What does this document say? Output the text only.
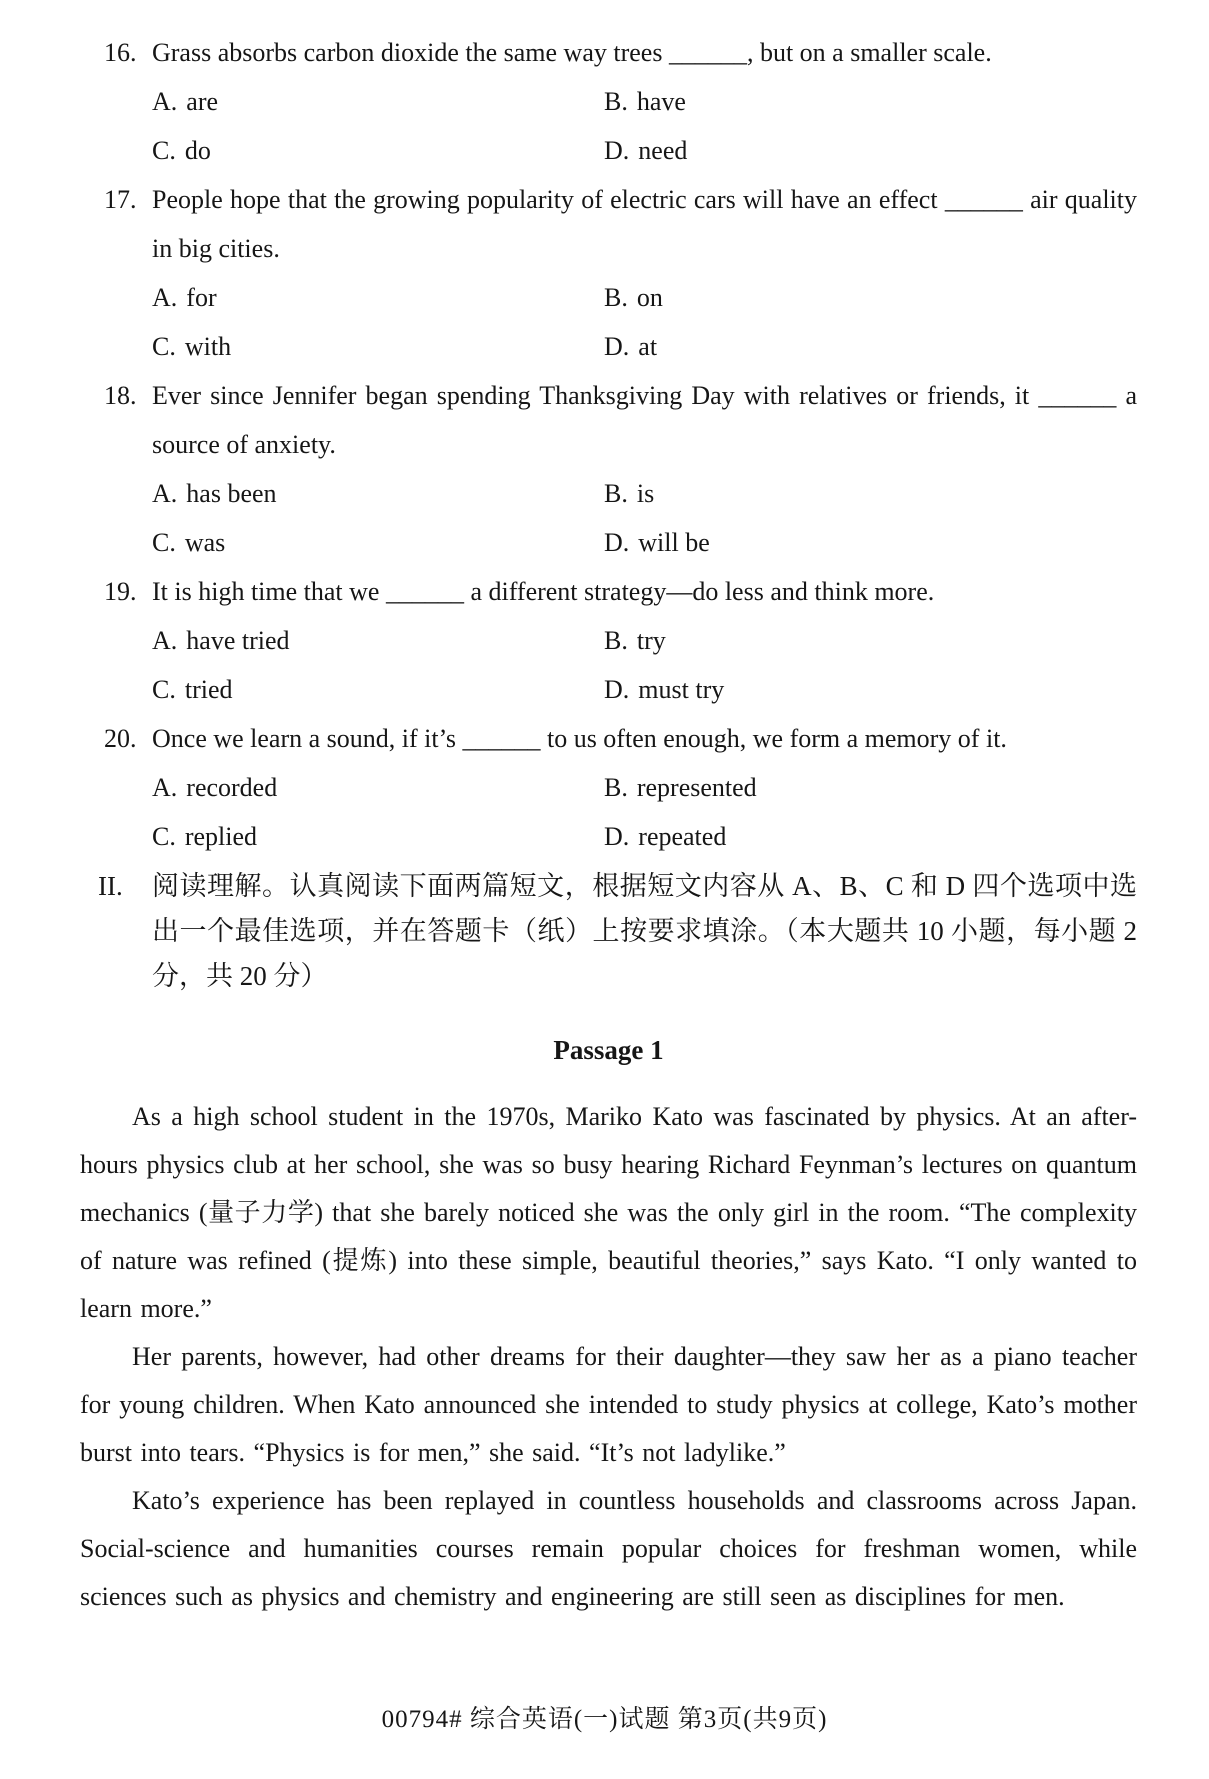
16. Grass absorbs carbon dioxide the same way trees ______, but on a smaller scale.
A. are	B. have
C. do	D. need
17. People hope that the growing popularity of electric cars will have an effect ______ air quality in big cities.
A. for	B. on
C. with	D. at
18. Ever since Jennifer began spending Thanksgiving Day with relatives or friends, it ______ a source of anxiety.
A. has been	B. is
C. was	D. will be
19. It is high time that we ______ a different strategy—do less and think more.
A. have tried	B. try
C. tried	D. must try
20. Once we learn a sound, if it’s ______ to us often enough, we form a memory of it.
A. recorded	B. represented
C. replied	D. repeated
II.	阅读理解。认真阅读下面两篇短文，根据短文内容从 A、B、C 和 D 四个选项中选出一个最佳选项，并在答题卡（纸）上按要求填涂。（本大题共 10 小题，每小题 2 分，共 20 分）
Passage 1

As a high school student in the 1970s, Mariko Kato was fascinated by physics. At an after-hours physics club at her school, she was so busy hearing Richard Feynman’s lectures on quantum mechanics (量子力学) that she barely noticed she was the only girl in the room. “The complexity of nature was refined (提炼) into these simple, beautiful theories,” says Kato. “I only wanted to learn more.”

Her parents, however, had other dreams for their daughter—they saw her as a piano teacher for young children. When Kato announced she intended to study physics at college, Kato’s mother burst into tears. “Physics is for men,” she said. “It’s not ladylike.”

Kato’s experience has been replayed in countless households and classrooms across Japan. Social-science and humanities courses remain popular choices for freshman women, while sciences such as physics and chemistry and engineering are still seen as disciplines for men.

00794# 综合英语(一)试题 第3页(共9页)
